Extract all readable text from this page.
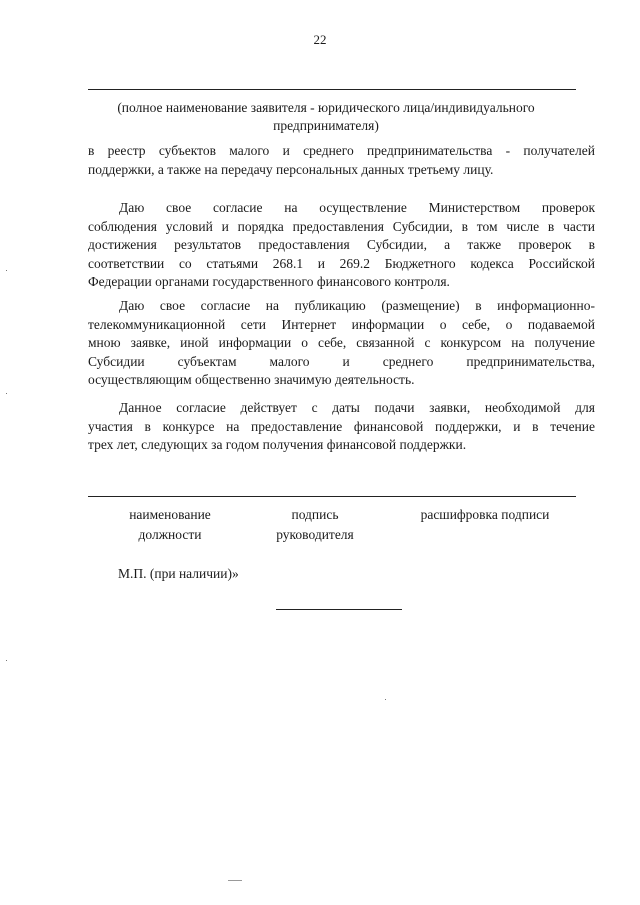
22
(полное наименование заявителя - юридического лица/индивидуального
предпринимателя)
в реестр субъектов малого и среднего предпринимательства - получателей
поддержки, а также на передачу персональных данных третьему лицу.
Даю свое согласие на осуществление Министерством проверок
соблюдения условий и порядка предоставления Субсидии, в том числе в части
достижения результатов предоставления Субсидии, а также проверок в
соответствии со статьями 268.1 и 269.2 Бюджетного кодекса Российской
Федерации органами государственного финансового контроля.
Даю свое согласие на публикацию (размещение) в информационно-
телекоммуникационной сети Интернет информации о себе, о подаваемой
мною заявке, иной информации о себе, связанной с конкурсом на получение
Субсидии субъектам малого и среднего предпринимательства,
осуществляющим общественно значимую деятельность.
Данное согласие действует с даты подачи заявки, необходимой для
участия в конкурсе на предоставление финансовой поддержки, и в течение
трех лет, следующих за годом получения финансовой поддержки.
наименование
должности
подпись
руководителя
расшифровка подписи
М.П. (при наличии)»
